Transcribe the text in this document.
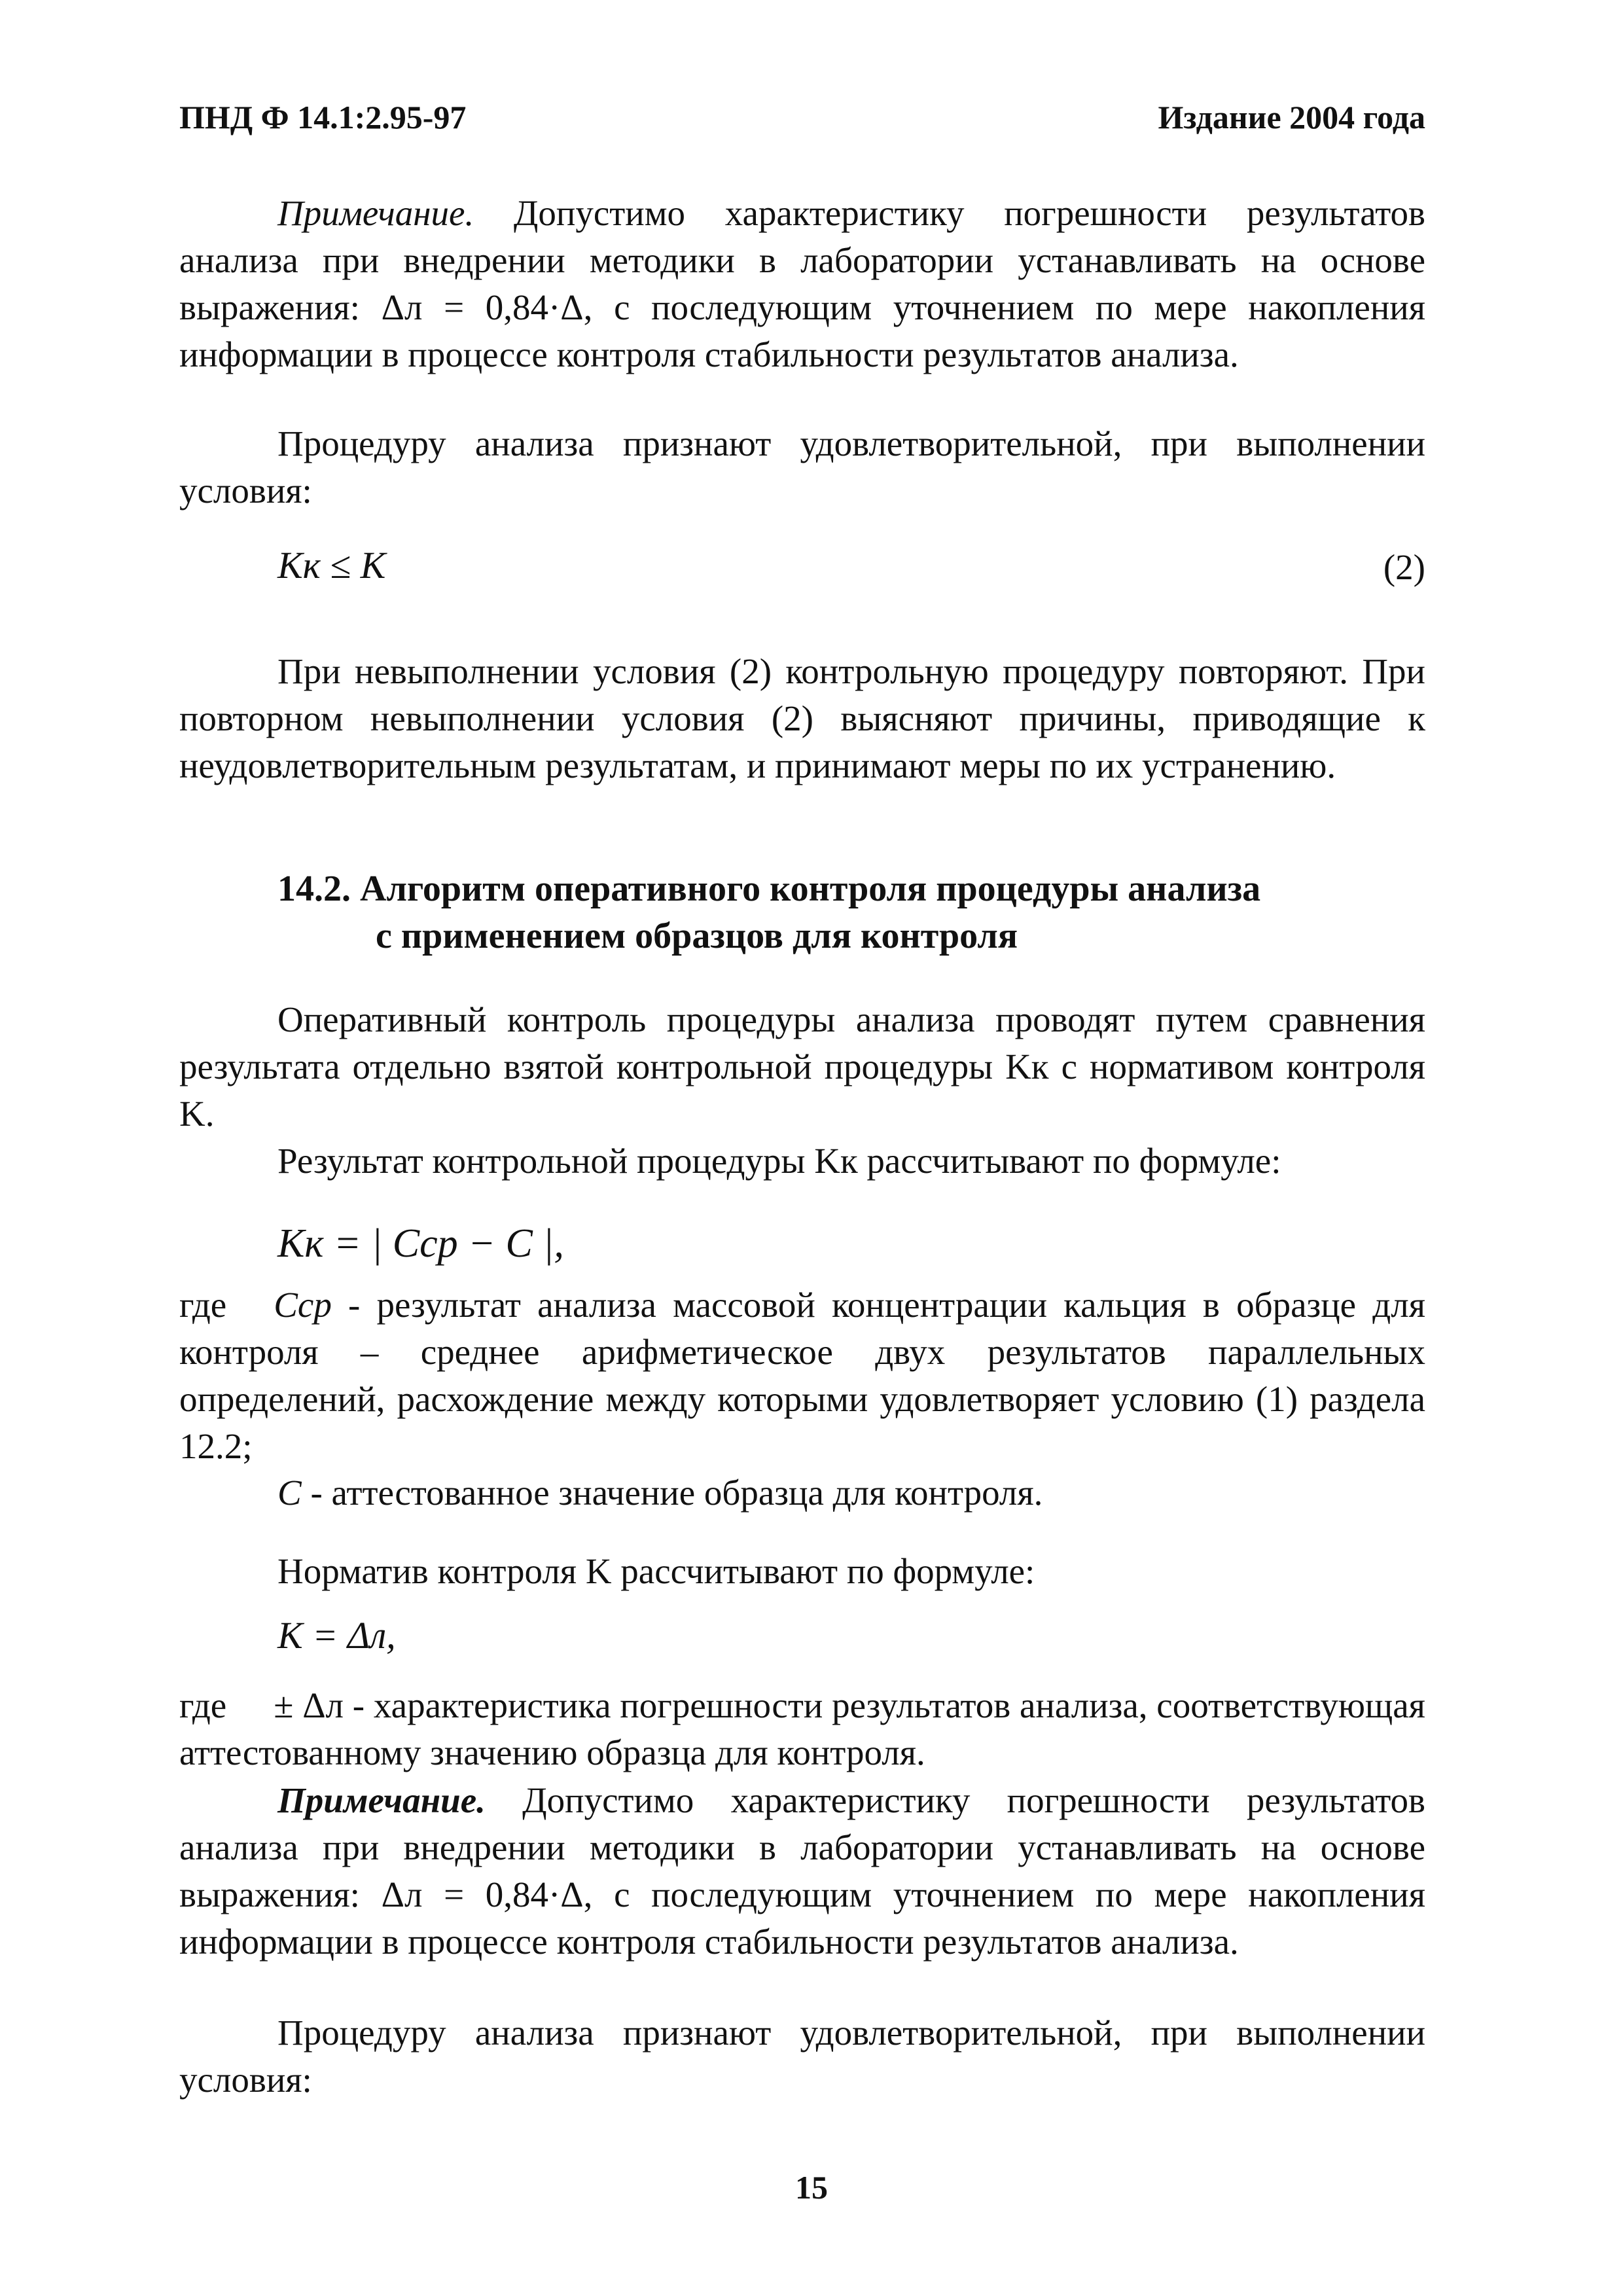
ПНД Ф 14.1:2.95-97	Издание 2004 года

Примечание. Допустимо характеристику погрешности результатов анализа при внедрении методики в лаборатории устанавливать на основе выражения: Δл = 0,84·Δ, с последующим уточнением по мере накопления информации в процессе контроля стабильности результатов анализа.

Процедуру анализа признают удовлетворительной, при выполнении условия:

Kк ≤ K	(2)

При невыполнении условия (2) контрольную процедуру повторяют. При повторном невыполнении условия (2) выясняют причины, приводящие к неудовлетворительным результатам, и принимают меры по их устранению.

14.2. Алгоритм оперативного контроля процедуры анализа
с применением образцов для контроля

Оперативный контроль процедуры анализа проводят путем сравнения результата отдельно взятой контрольной процедуры Kк с нормативом контроля K.

Результат контрольной процедуры Kк рассчитывают по формуле:

Kк = | Cср − C |,
где Cср - результат анализа массовой концентрации кальция в образце для контроля – среднее арифметическое двух результатов параллельных определений, расхождение между которыми удовлетворяет условию (1) раздела 12.2;
C - аттестованное значение образца для контроля.

Норматив контроля K рассчитывают по формуле:

K = Δл,
где ± Δл - характеристика погрешности результатов анализа, соответствующая аттестованному значению образца для контроля.

Примечание. Допустимо характеристику погрешности результатов анализа при внедрении методики в лаборатории устанавливать на основе выражения: Δл = 0,84·Δ, с последующим уточнением по мере накопления информации в процессе контроля стабильности результатов анализа.

Процедуру анализа признают удовлетворительной, при выполнении условия:

15
